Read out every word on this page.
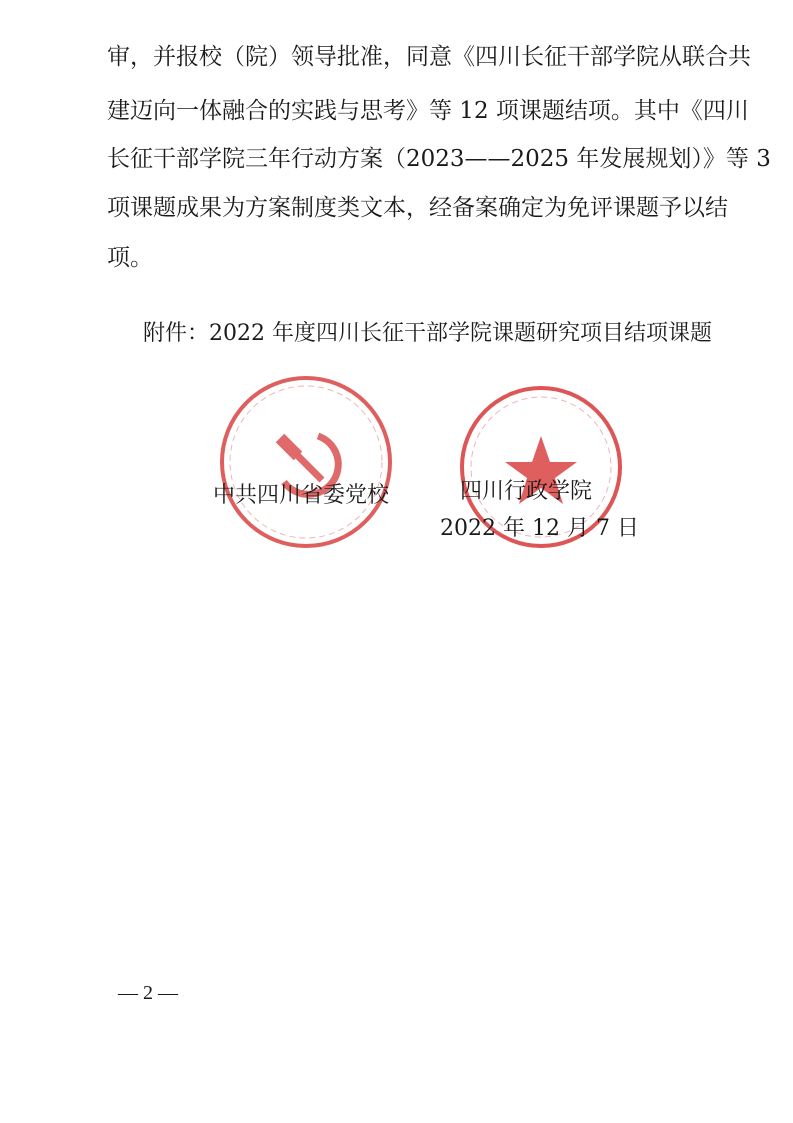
审，并报校（院）领导批准，同意《四川长征干部学院从联合共
建迈向一体融合的实践与思考》等 12 项课题结项。其中《四川
长征干部学院三年行动方案（2023——2025 年发展规划）》等 3
项课题成果为方案制度类文本，经备案确定为免评课题予以结
项。
附件：2022 年度四川长征干部学院课题研究项目结项课题
中共四川省委党校	四川行政学院
2022 年 12 月 7 日
— 2 —
